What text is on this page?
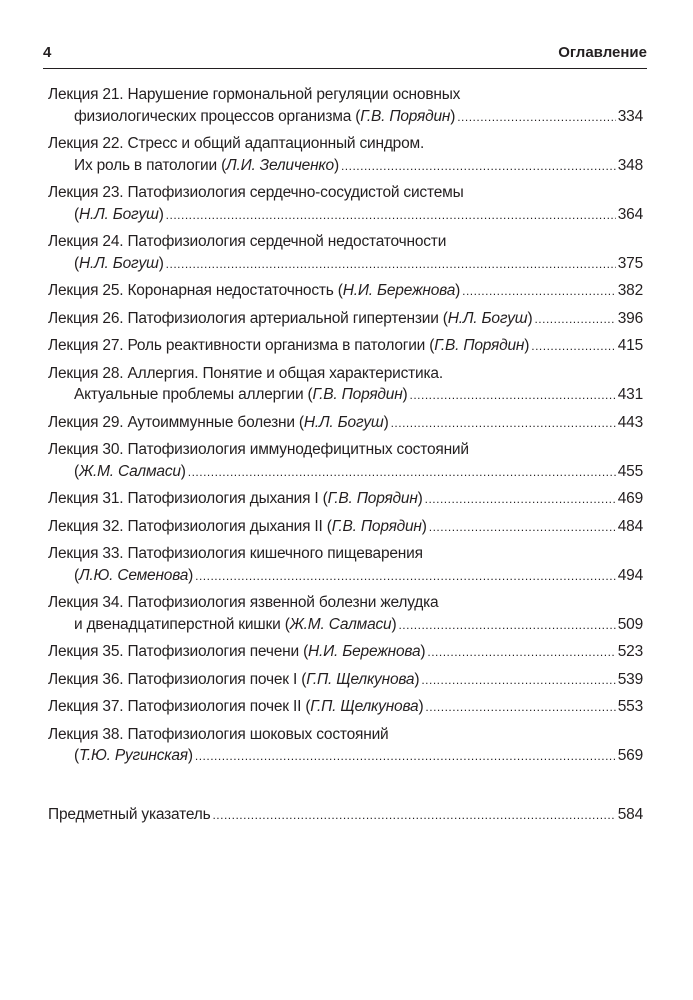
4	Оглавление
Лекция 21. Нарушение гормональной регуляции основных
физиологических процессов организма ( Г.В. Порядин ) .....	334
Лекция 22. Стресс и общий адаптационный синдром.
Их роль в патологии ( Л.И. Зеличенко ) .....	348
Лекция 23. Патофизиология сердечно-сосудистой системы
( Н.Л. Богуш ) .....	364
Лекция 24. Патофизиология сердечной недостаточности
( Н.Л. Богуш ) .....	375
Лекция 25. Коронарная недостаточность ( Н.И. Бережнова ) .....	382
Лекция 26. Патофизиология артериальной гипертензии ( Н.Л. Богуш ) .....	396
Лекция 27. Роль реактивности организма в патологии ( Г.В. Порядин ) .....	415
Лекция 28. Аллергия. Понятие и общая характеристика.
Актуальные проблемы аллергии ( Г.В. Порядин ) .....	431
Лекция 29. Аутоиммунные болезни ( Н.Л. Богуш ) .....	443
Лекция 30. Патофизиология иммунодефицитных состояний
( Ж.М. Салмаси ) .....	455
Лекция 31. Патофизиология дыхания I ( Г.В. Порядин ) .....	469
Лекция 32. Патофизиология дыхания II ( Г.В. Порядин ) .....	484
Лекция 33. Патофизиология кишечного пищеварения
( Л.Ю. Семенова ) .....	494
Лекция 34. Патофизиология язвенной болезни желудка
и двенадцатиперстной кишки ( Ж.М. Салмаси ) .....	509
Лекция 35. Патофизиология печени ( Н.И. Бережнова ) .....	523
Лекция 36. Патофизиология почек I ( Г.П. Щелкунова ) .....	539
Лекция 37. Патофизиология почек II ( Г.П. Щелкунова ) .....	553
Лекция 38. Патофизиология шоковых состояний
( Т.Ю. Ругинская ) .....	569
Предметный указатель .....	584
